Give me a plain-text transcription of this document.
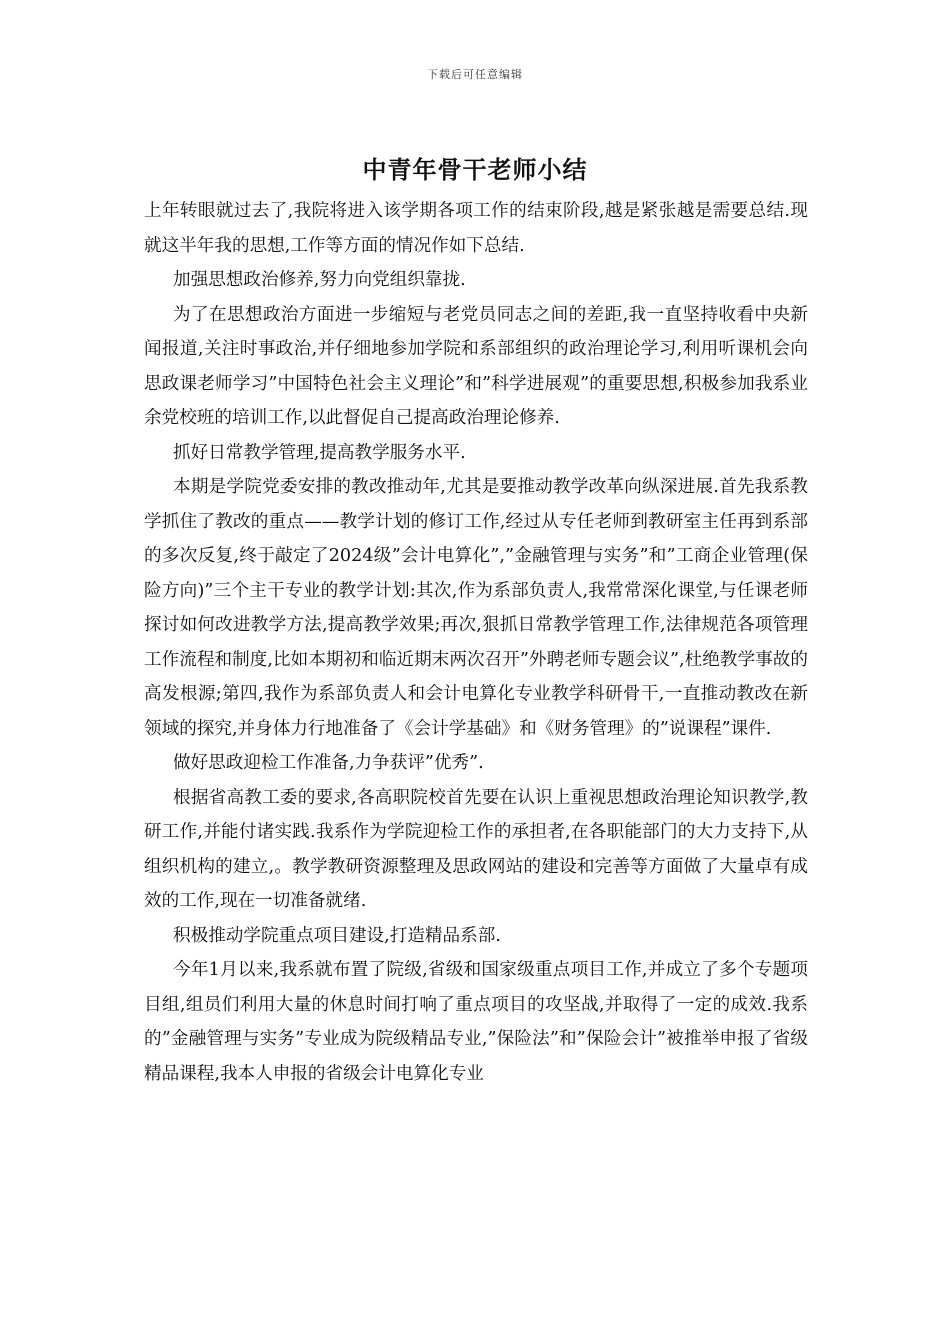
下载后可任意编辑
中青年骨干老师小结

上年转眼就过去了,我院将进入该学期各项工作的结束阶段,越是紧张越是需要总结.现就这半年我的思想,工作等方面的情况作如下总结.

加强思想政治修养,努力向党组织靠拢.

为了在思想政治方面进一步缩短与老党员同志之间的差距,我一直坚持收看中央新闻报道,关注时事政治,并仔细地参加学院和系部组织的政治理论学习,利用听课机会向思政课老师学习”中国特色社会主义理论”和”科学进展观”的重要思想,积极参加我系业余党校班的培训工作,以此督促自己提高政治理论修养.

抓好日常教学管理,提高教学服务水平.

本期是学院党委安排的教改推动年,尤其是要推动教学改革向纵深进展.首先我系教学抓住了教改的重点——教学计划的修订工作,经过从专任老师到教研室主任再到系部的多次反复,终于敲定了2024级”会计电算化”,”金融管理与实务”和”工商企业管理(保险方向)”三个主干专业的教学计划:其次,作为系部负责人,我常常深化课堂,与任课老师探讨如何改进教学方法,提高教学效果;再次,狠抓日常教学管理工作,法律规范各项管理工作流程和制度,比如本期初和临近期末两次召开”外聘老师专题会议”,杜绝教学事故的高发根源;第四,我作为系部负责人和会计电算化专业教学科研骨干,一直推动教改在新领域的探究,并身体力行地准备了《会计学基础》和《财务管理》的”说课程”课件.

做好思政迎检工作准备,力争获评”优秀”.

根据省高教工委的要求,各高职院校首先要在认识上重视思想政治理论知识教学,教研工作,并能付诸实践.我系作为学院迎检工作的承担者,在各职能部门的大力支持下,从组织机构的建立,。教学教研资源整理及思政网站的建设和完善等方面做了大量卓有成效的工作,现在一切准备就绪.

积极推动学院重点项目建设,打造精品系部.

今年1月以来,我系就布置了院级,省级和国家级重点项目工作,并成立了多个专题项目组,组员们利用大量的休息时间打响了重点项目的攻坚战,并取得了一定的成效.我系的”金融管理与实务”专业成为院级精品专业,”保险法”和”保险会计”被推举申报了省级精品课程,我本人申报的省级会计电算化专业
